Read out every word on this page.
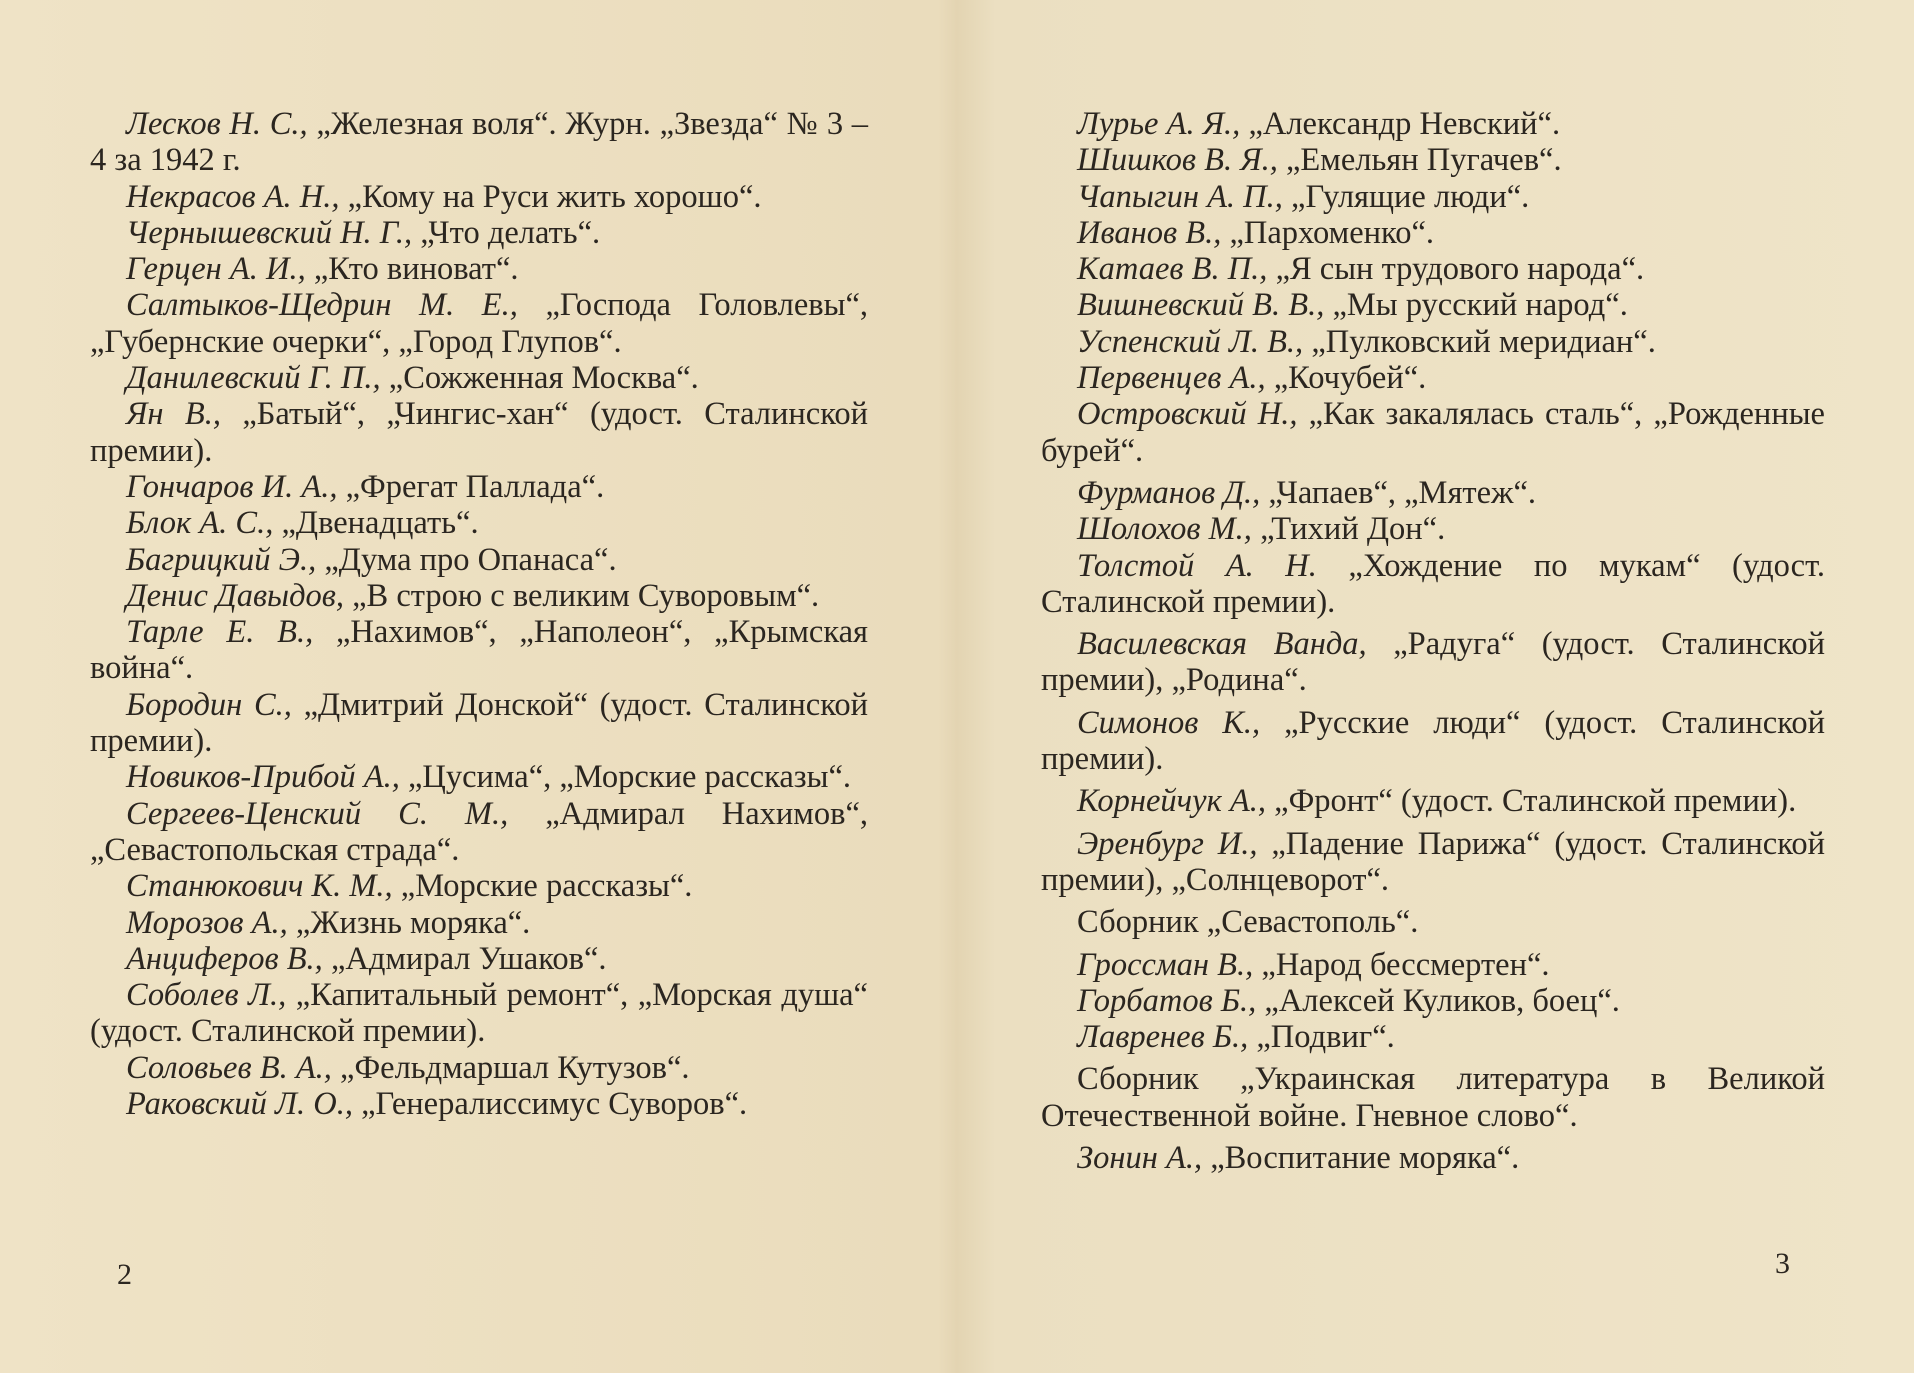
Лесков Н. С., „Железная воля“. Журн. „Звезда“ № 3 – 4 за 1942 г.

Некрасов А. Н., „Кому на Руси жить хорошо“.

Чернышевский Н. Г., „Что делать“.

Герцен А. И., „Кто виноват“.

Салтыков-Щедрин М. Е., „Господа Головлевы“, „Губернские очерки“, „Город Глупов“.

Данилевский Г. П., „Сожженная Москва“.

Ян В., „Батый“, „Чингис-хан“ (удост. Сталинской премии).

Гончаров И. А., „Фрегат Паллада“.

Блок А. С., „Двенадцать“.

Багрицкий Э., „Дума про Опанаса“.

Денис Давыдов, „В строю с великим Суворовым“.

Тарле Е. В., „Нахимов“, „Наполеон“, „Крымская война“.

Бородин С., „Дмитрий Донской“ (удост. Сталинской премии).

Новиков-Прибой А., „Цусима“, „Морские рассказы“.

Сергеев-Ценский С. М., „Адмирал Нахимов“, „Севастопольская страда“.

Станюкович К. М., „Морские рассказы“.

Морозов А., „Жизнь моряка“.

Анциферов В., „Адмирал Ушаков“.

Соболев Л., „Капитальный ремонт“, „Морская душа“ (удост. Сталинской премии).

Соловьев В. А., „Фельдмаршал Кутузов“.

Раковский Л. О., „Генералиссимус Суворов“.

2

Лурье А. Я., „Александр Невский“.

Шишков В. Я., „Емельян Пугачев“.

Чапыгин А. П., „Гулящие люди“.

Иванов В., „Пархоменко“.

Катаев В. П., „Я сын трудового народа“.

Вишневский В. В., „Мы русский народ“.

Успенский Л. В., „Пулковский меридиан“.

Первенцев А., „Кочубей“.

Островский Н., „Как закалялась сталь“, „Рожденные бурей“.

Фурманов Д., „Чапаев“, „Мятеж“.

Шолохов М., „Тихий Дон“.

Толстой А. Н. „Хождение по мукам“ (удост. Сталинской премии).

Василевская Ванда, „Радуга“ (удост. Сталинской премии), „Родина“.

Симонов К., „Русские люди“ (удост. Сталинской премии).

Корнейчук А., „Фронт“ (удост. Сталинской премии).

Эренбург И., „Падение Парижа“ (удост. Сталинской премии), „Солнцеворот“.

Сборник „Севастополь“.

Гроссман В., „Народ бессмертен“.

Горбатов Б., „Алексей Куликов, боец“.

Лавренев Б., „Подвиг“.

Сборник „Украинская литература в Великой Отечественной войне. Гневное слово“.

Зонин А., „Воспитание моряка“.

3
